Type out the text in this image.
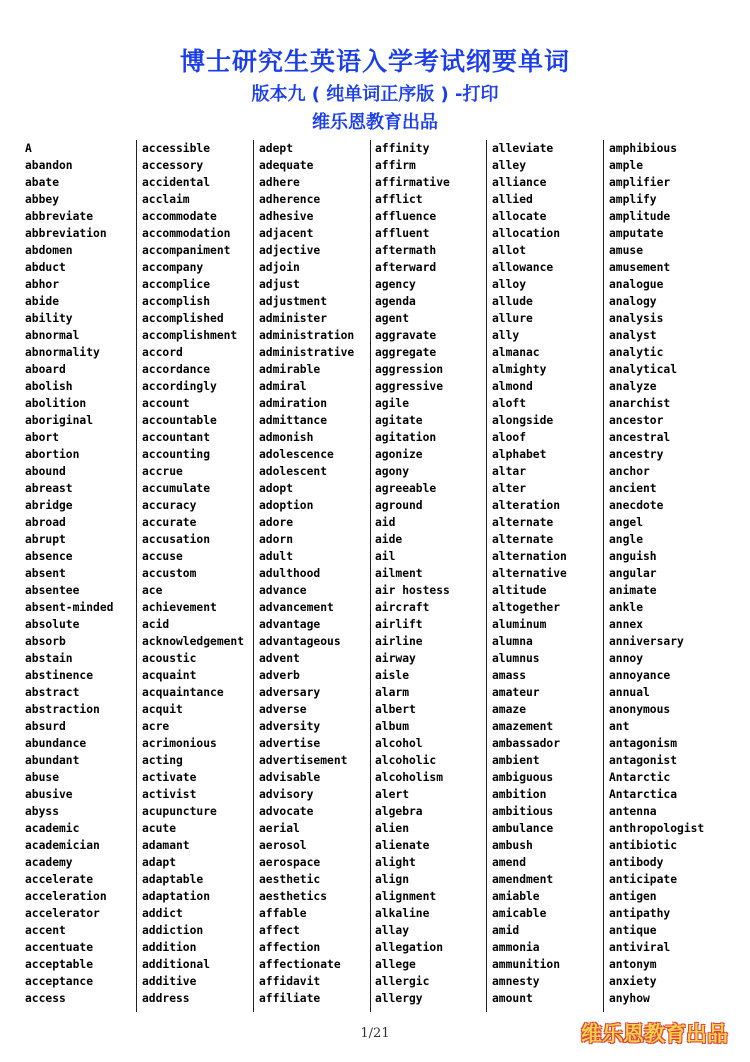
博士研究生英语入学考试纲要单词
版本九 ( 纯单词正序版 ) -打印
维乐恩教育出品
A
abandon
abate
abbey
abbreviate
abbreviation
abdomen
abduct
abhor
abide
ability
abnormal
abnormality
aboard
abolish
abolition
aboriginal
abort
abortion
abound
abreast
abridge
abroad
abrupt
absence
absent
absentee
absent-minded
absolute
absorb
abstain
abstinence
abstract
abstraction
absurd
abundance
abundant
abuse
abusive
abyss
academic
academician
academy
accelerate
acceleration
accelerator
accent
accentuate
acceptable
acceptance
access
accessible
accessory
accidental
acclaim
accommodate
accommodation
accompaniment
accompany
accomplice
accomplish
accomplished
accomplishment
accord
accordance
accordingly
account
accountable
accountant
accounting
accrue
accumulate
accuracy
accurate
accusation
accuse
accustom
ace
achievement
acid
acknowledgement
acoustic
acquaint
acquaintance
acquit
acre
acrimonious
acting
activate
activist
acupuncture
acute
adamant
adapt
adaptable
adaptation
addict
addiction
addition
additional
additive
address
adept
adequate
adhere
adherence
adhesive
adjacent
adjective
adjoin
adjust
adjustment
administer
administration
administrative
admirable
admiral
admiration
admittance
admonish
adolescence
adolescent
adopt
adoption
adore
adorn
adult
adulthood
advance
advancement
advantage
advantageous
advent
adverb
adversary
adverse
adversity
advertise
advertisement
advisable
advisory
advocate
aerial
aerosol
aerospace
aesthetic
aesthetics
affable
affect
affection
affectionate
affidavit
affiliate
affinity
affirm
affirmative
afflict
affluence
affluent
aftermath
afterward
agency
agenda
agent
aggravate
aggregate
aggression
aggressive
agile
agitate
agitation
agonize
agony
agreeable
aground
aid
aide
ail
ailment
air hostess
aircraft
airlift
airline
airway
aisle
alarm
albert
album
alcohol
alcoholic
alcoholism
alert
algebra
alien
alienate
alight
align
alignment
alkaline
allay
allegation
allege
allergic
allergy
alleviate
alley
alliance
allied
allocate
allocation
allot
allowance
alloy
allude
allure
ally
almanac
almighty
almond
aloft
alongside
aloof
alphabet
altar
alter
alteration
alternate
alternate
alternation
alternative
altitude
altogether
aluminum
alumna
alumnus
amass
amateur
amaze
amazement
ambassador
ambient
ambiguous
ambition
ambitious
ambulance
ambush
amend
amendment
amiable
amicable
amid
ammonia
ammunition
amnesty
amount
amphibious
ample
amplifier
amplify
amplitude
amputate
amuse
amusement
analogue
analogy
analysis
analyst
analytic
analytical
analyze
anarchist
ancestor
ancestral
ancestry
anchor
ancient
anecdote
angel
angle
anguish
angular
animate
ankle
annex
anniversary
annoy
annoyance
annual
anonymous
ant
antagonism
antagonist
Antarctic
Antarctica
antenna
anthropologist
antibiotic
antibody
anticipate
antigen
antipathy
antique
antiviral
antonym
anxiety
anyhow
1/21	维乐恩教育出品
